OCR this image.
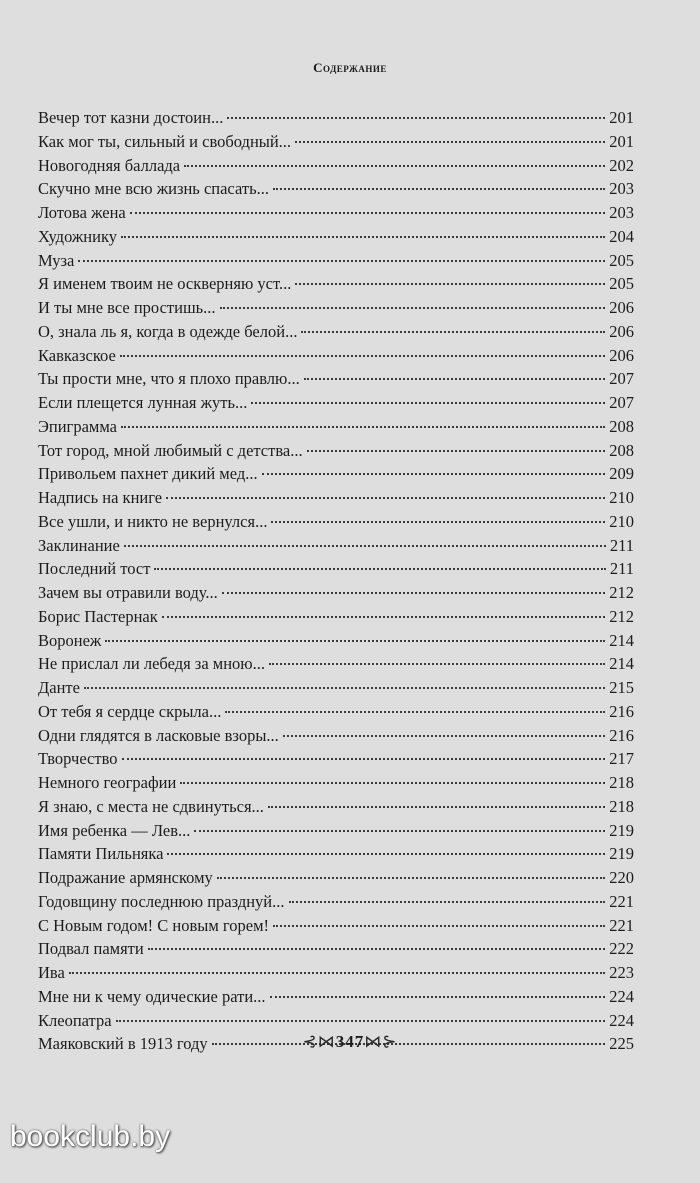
Содержание
Вечер тот казни достоин...	201
Как мог ты, сильный и свободный...	201
Новогодняя баллада	202
Скучно мне всю жизнь спасать...	203
Лотова жена	203
Художнику	204
Муза	205
Я именем твоим не оскверняю уст...	205
И ты мне все простишь...	206
О, знала ль я, когда в одежде белой...	206
Кавказское	206
Ты прости мне, что я плохо правлю...	207
Если плещется лунная жуть...	207
Эпиграмма	208
Тот город, мной любимый с детства...	208
Привольем пахнет дикий мед...	209
Надпись на книге	210
Все ушли, и никто не вернулся...	210
Заклинание	211
Последний тост	211
Зачем вы отравили воду...	212
Борис Пастернак	212
Воронеж	214
Не прислал ли лебедя за мною...	214
Данте	215
От тебя я сердце скрыла...	216
Одни глядятся в ласковые взоры...	216
Творчество	217
Немного географии	218
Я знаю, с места не сдвинуться...	218
Имя ребенка — Лев...	219
Памяти Пильняка	219
Подражание армянскому	220
Годовщину последнюю празднуй...	221
С Новым годом! С новым горем!	221
Подвал памяти	222
Ива	223
Мне ни к чему одические рати...	224
Клеопатра	224
Маяковский в 1913 году	225
⊰⋈347⋈⊱
bookclub.by
